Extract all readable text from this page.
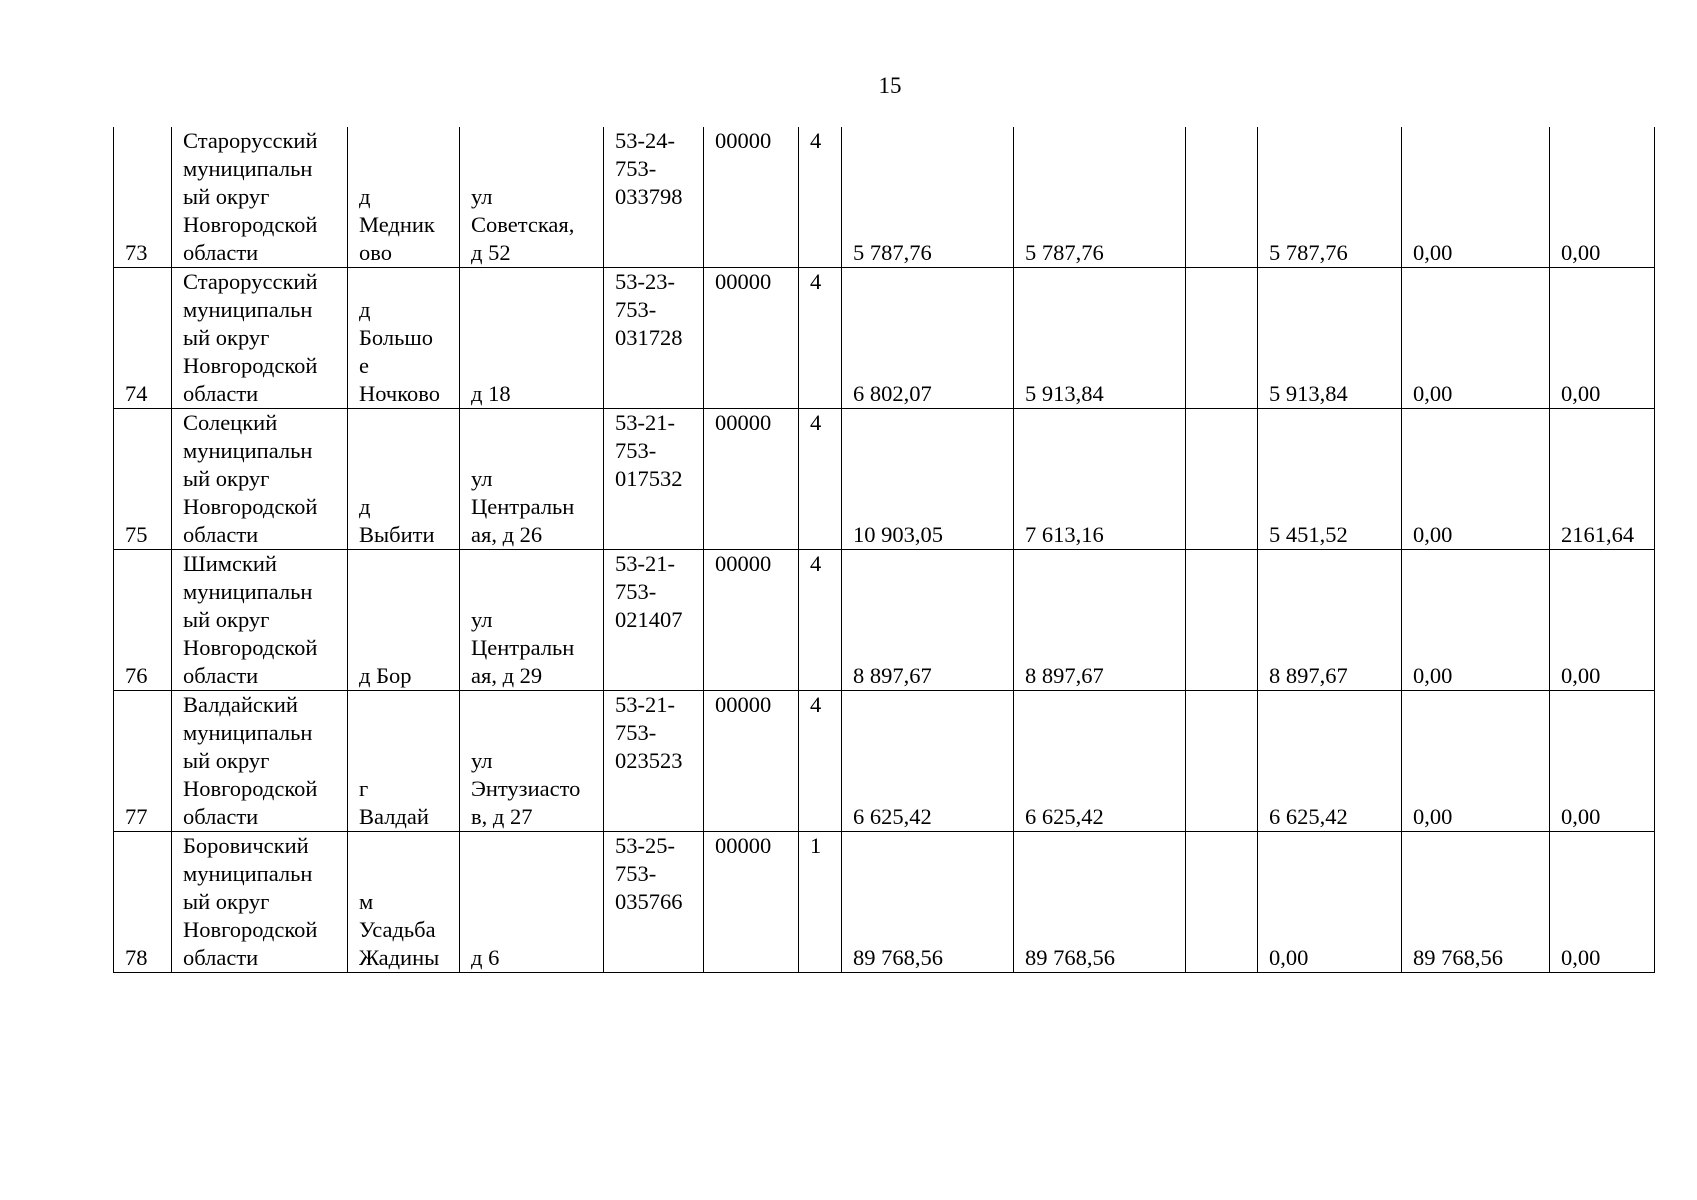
15
73	Старорусский
муниципальн
ый округ
Новгородской
области	д
Медник
ово	ул
Советская,
д 52	53-24-
753-
033798	00000	4	5 787,76	5 787,76		5 787,76	0,00	0,00

74	Старорусский
муниципальн
ый округ
Новгородской
области	д
Большо
е
Ночково	д 18	53-23-
753-
031728	00000	4	6 802,07	5 913,84		5 913,84	0,00	0,00

75	Солецкий
муниципальн
ый округ
Новгородской
области	д
Выбити	ул
Центральн
ая, д 26	53-21-
753-
017532	00000	4	10 903,05	7 613,16		5 451,52	0,00	2161,64

76	Шимский
муниципальн
ый округ
Новгородской
области	д Бор	ул
Центральн
ая, д 29	53-21-
753-
021407	00000	4	8 897,67	8 897,67		8 897,67	0,00	0,00

77	Валдайский
муниципальн
ый округ
Новгородской
области	г
Валдай	ул
Энтузиасто
в, д 27	53-21-
753-
023523	00000	4	6 625,42	6 625,42		6 625,42	0,00	0,00

78	Боровичский
муниципальн
ый округ
Новгородской
области	м
Усадьба
Жадины	д 6	53-25-
753-
035766	00000	1	89 768,56	89 768,56		0,00	89 768,56	0,00
